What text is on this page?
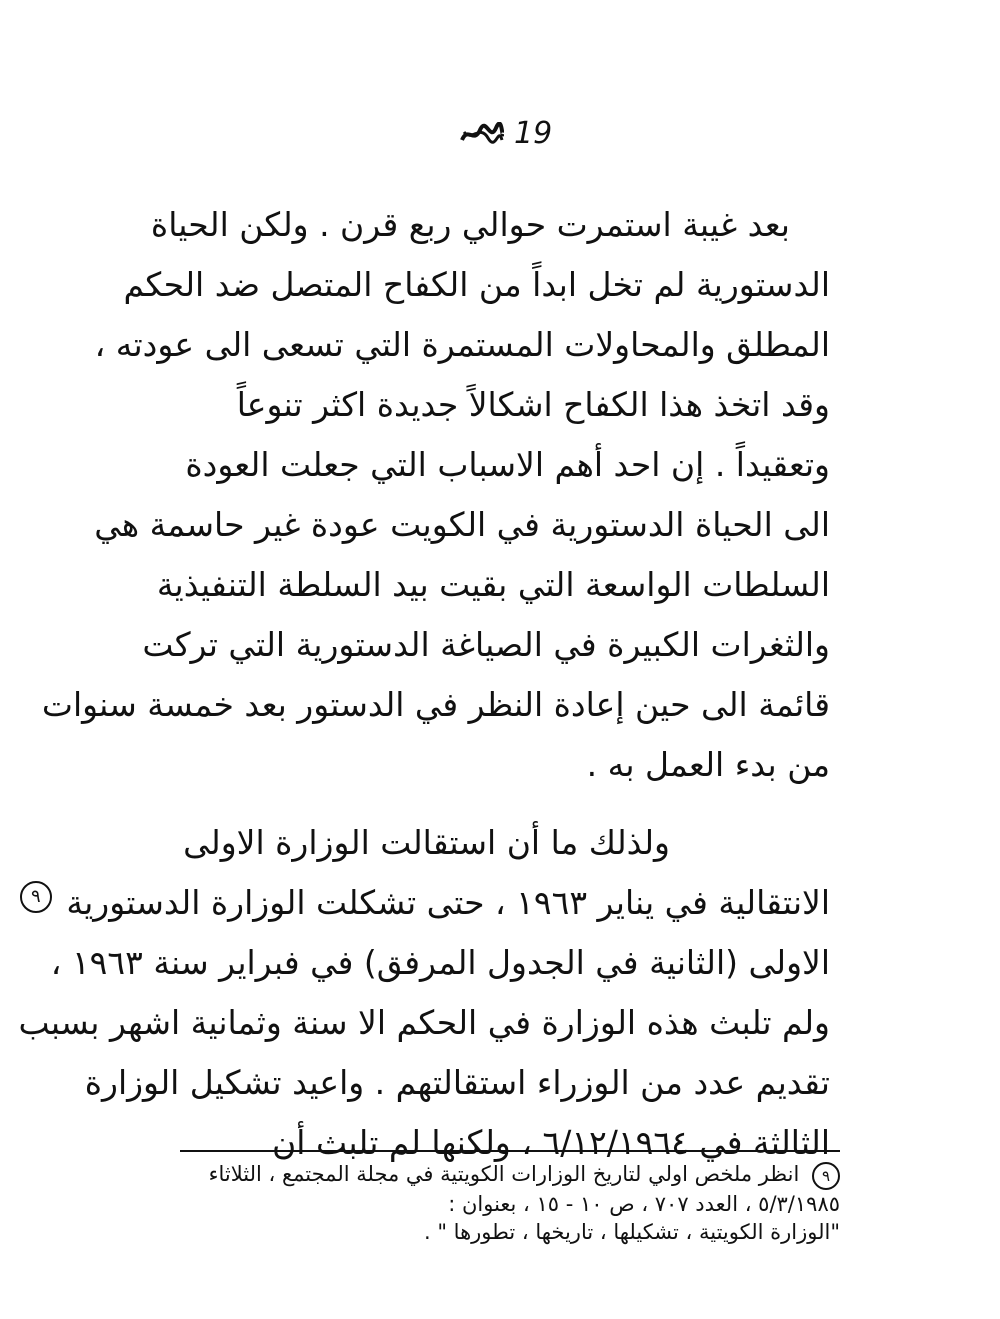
19
بعد غيبة استمرت حوالي ربع قرن . ولكن الحياة
الدستورية لم تخل ابداً من الكفاح المتصل ضد الحكم
المطلق والمحاولات المستمرة التي تسعى الى عودته ،
وقد اتخذ هذا الكفاح اشكالاً جديدة اكثر تنوعاً
وتعقيداً . إن احد أهم الاسباب التي جعلت العودة
الى الحياة الدستورية في الكويت عودة غير حاسمة هي
السلطات الواسعة التي بقيت بيد السلطة التنفيذية
والثغرات الكبيرة في الصياغة الدستورية التي تركت
قائمة الى حين إعادة النظر في الدستور بعد خمسة سنوات
من بدء العمل به .
ولذلك ما أن استقالت الوزارة الاولى
الانتقالية في يناير ١٩٦٣ ، حتى تشكلت الوزارة الدستورية ٩
الاولى (الثانية في الجدول المرفق) في فبراير سنة ١٩٦٣ ،
ولم تلبث هذه الوزارة في الحكم الا سنة وثمانية اشهر بسبب
تقديم عدد من الوزراء استقالتهم . واعيد تشكيل الوزارة
الثالثة في ٦/١٢/١٩٦٤ ، ولكنها لم تلبث أن
٩ انظر ملخص اولي لتاريخ الوزارات الكويتية في مجلة المجتمع ، الثلاثاء
٥/٣/١٩٨٥ ، العدد ٧٠٧ ، ص ١٠ - ١٥ ، بعنوان :
"الوزارة الكويتية ، تشكيلها ، تاريخها ، تطورها " .
